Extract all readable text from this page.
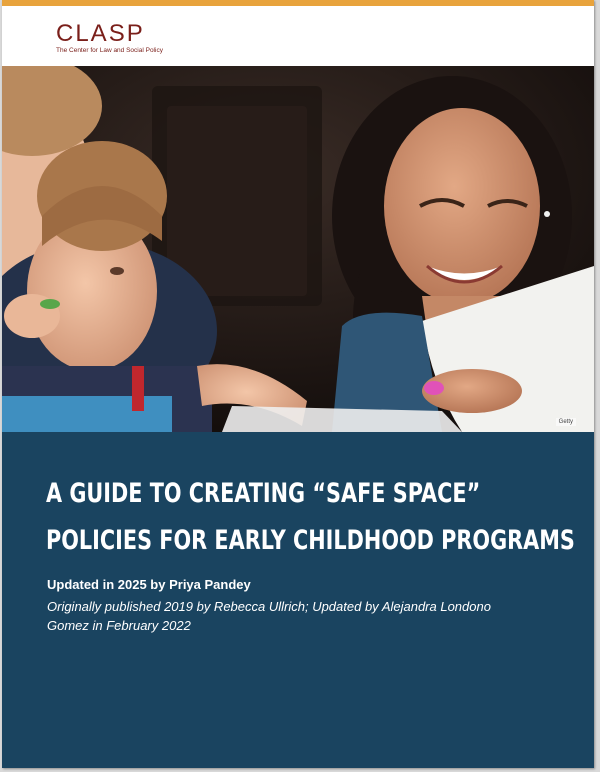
CLASP
The Center for Law and Social Policy
Getty
A GUIDE TO CREATING “SAFE SPACE”
POLICIES FOR EARLY CHILDHOOD PROGRAMS
Updated in 2025 by Priya Pandey
Originally published 2019 by Rebecca Ullrich; Updated by Alejandra Londono Gomez in February 2022
